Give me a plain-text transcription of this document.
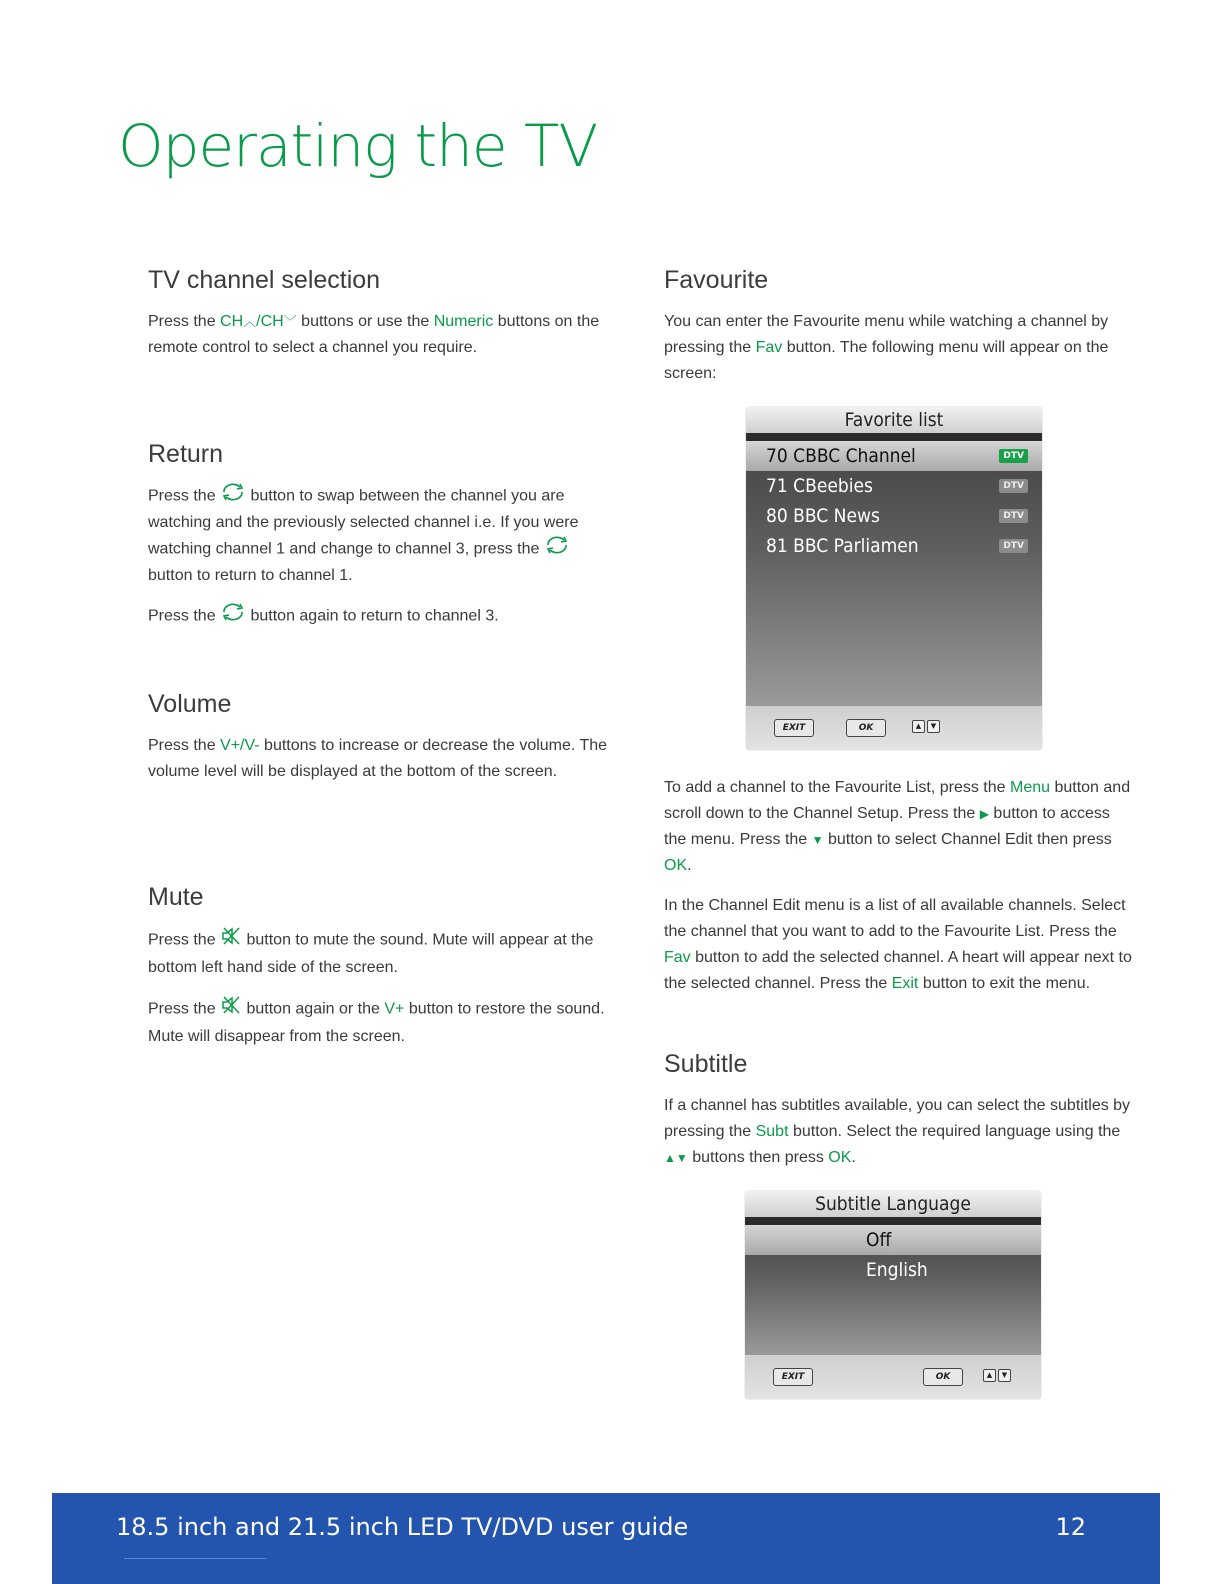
Operating the TV
TV channel selection

Press the CH︿/CH﹀ buttons or use the Numeric buttons on the remote control to select a channel you require.

Return

Press the  button to swap between the channel you are watching and the previously selected channel i.e. If you were watching channel 1 and change to channel 3, press the  button to return to channel 1.

Press the  button again to return to channel 3.

Volume

Press the V+/V- buttons to increase or decrease the volume. The volume level will be displayed at the bottom of the screen.

Mute

Press the  button to mute the sound. Mute will appear at the bottom left hand side of the screen.

Press the  button again or the V+ button to restore the sound. Mute will disappear from the screen.

Favourite

You can enter the Favourite menu while watching a channel by pressing the Fav button. The following menu will appear on the screen:

To add a channel to the Favourite List, press the Menu button and scroll down to the Channel Setup. Press the ▶ button to access the menu. Press the ▼ button to select Channel Edit then press OK.

In the Channel Edit menu is a list of all available channels. Select the channel that you want to add to the Favourite List. Press the Fav button to add the selected channel. A heart will appear next to the selected channel. Press the Exit button to exit the menu.

Subtitle

If a channel has subtitles available, you can select the subtitles by pressing the Subt button. Select the required language using the ▲▼ buttons then press OK.

Favorite list
70 CBBC Channel	DTV
71 CBeebies	DTV
80 BBC News	DTV
81 BBC Parliamen	DTV
EXIT	OK	▲ ▼
Subtitle Language
Off
English
EXIT	OK	▲ ▼
18.5 inch and 21.5 inch LED TV/DVD user guide	12
